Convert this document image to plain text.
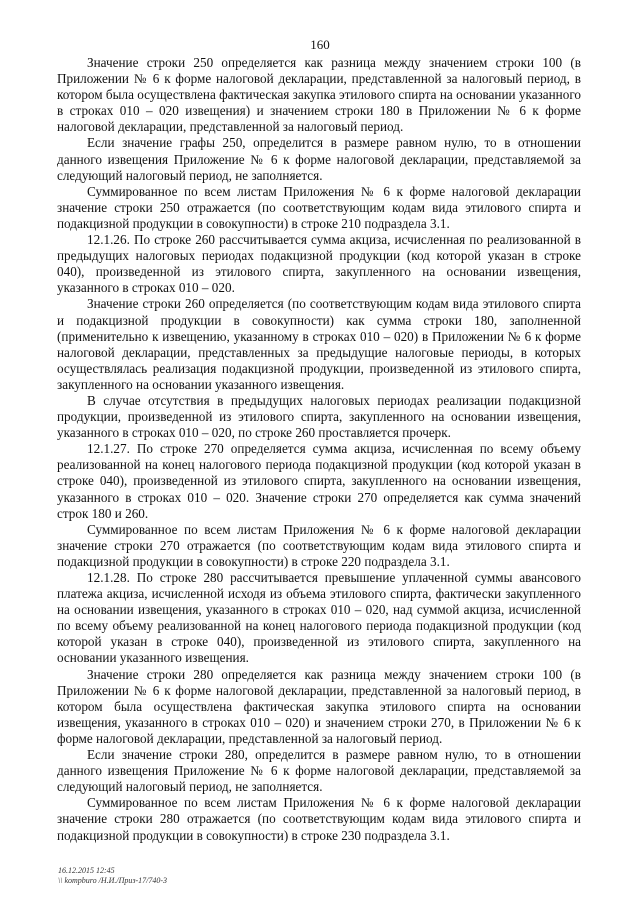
160

Значение строки 250 определяется как разница между значением строки 100 (в Приложении № 6 к форме налоговой декларации, представленной за налоговый период, в котором была осуществлена фактическая закупка этилового спирта на основании указанного в строках 010 – 020 извещения) и значением строки 180 в Приложении № 6 к форме налоговой декларации, представленной за налоговый период.

Если значение графы 250, определится в размере равном нулю, то в отношении данного извещения Приложение № 6 к форме налоговой декларации, представляемой за следующий налоговый период, не заполняется.

Суммированное по всем листам Приложения № 6 к форме налоговой декларации значение строки 250 отражается (по соответствующим кодам вида этилового спирта и подакцизной продукции в совокупности) в строке 210 подраздела 3.1.

12.1.26. По строке 260 рассчитывается сумма акциза, исчисленная по реализованной в предыдущих налоговых периодах подакцизной продукции (код которой указан в строке 040), произведенной из этилового спирта, закупленного на основании извещения, указанного в строках 010 – 020.

Значение строки 260 определяется (по соответствующим кодам вида этилового спирта и подакцизной продукции в совокупности) как сумма строки 180, заполненной (применительно к извещению, указанному в строках 010 – 020) в Приложении № 6 к форме налоговой декларации, представленных за предыдущие налоговые периоды, в которых осуществлялась реализация подакцизной продукции, произведенной из этилового спирта, закупленного на основании указанного извещения.

В случае отсутствия в предыдущих налоговых периодах реализации подакцизной продукции, произведенной из этилового спирта, закупленного на основании извещения, указанного в строках 010 – 020, по строке 260 проставляется прочерк.

12.1.27. По строке 270 определяется сумма акциза, исчисленная по всему объему реализованной на конец налогового периода подакцизной продукции (код которой указан в строке 040), произведенной из этилового спирта, закупленного на основании извещения, указанного в строках 010 – 020. Значение строки 270 определяется как сумма значений строк 180 и 260.

Суммированное по всем листам Приложения № 6 к форме налоговой декларации значение строки 270 отражается (по соответствующим кодам вида этилового спирта и подакцизной продукции в совокупности) в строке 220 подраздела 3.1.

12.1.28. По строке 280 рассчитывается превышение уплаченной суммы авансового платежа акциза, исчисленной исходя из объема этилового спирта, фактически закупленного на основании извещения, указанного в строках 010 – 020, над суммой акциза, исчисленной по всему объему реализованной на конец налогового периода подакцизной продукции (код которой указан в строке 040), произведенной из этилового спирта, закупленного на основании указанного извещения.

Значение строки 280 определяется как разница между значением строки 100 (в Приложении № 6 к форме налоговой декларации, представленной за налоговый период, в котором была осуществлена фактическая закупка этилового спирта на основании извещения, указанного в строках 010 – 020) и значением строки 270, в Приложении № 6 к форме налоговой декларации, представленной за налоговый период.

Если значение строки 280, определится в размере равном нулю, то в отношении данного извещения Приложение № 6 к форме налоговой декларации, представляемой за следующий налоговый период, не заполняется.

Суммированное по всем листам Приложения № 6 к форме налоговой декларации значение строки 280 отражается (по соответствующим кодам вида этилового спирта и подакцизной продукции в совокупности) в строке 230 подраздела 3.1.

16.12.2015 12:45
\\ kompburo /Н.И./Приз-17/740-3
